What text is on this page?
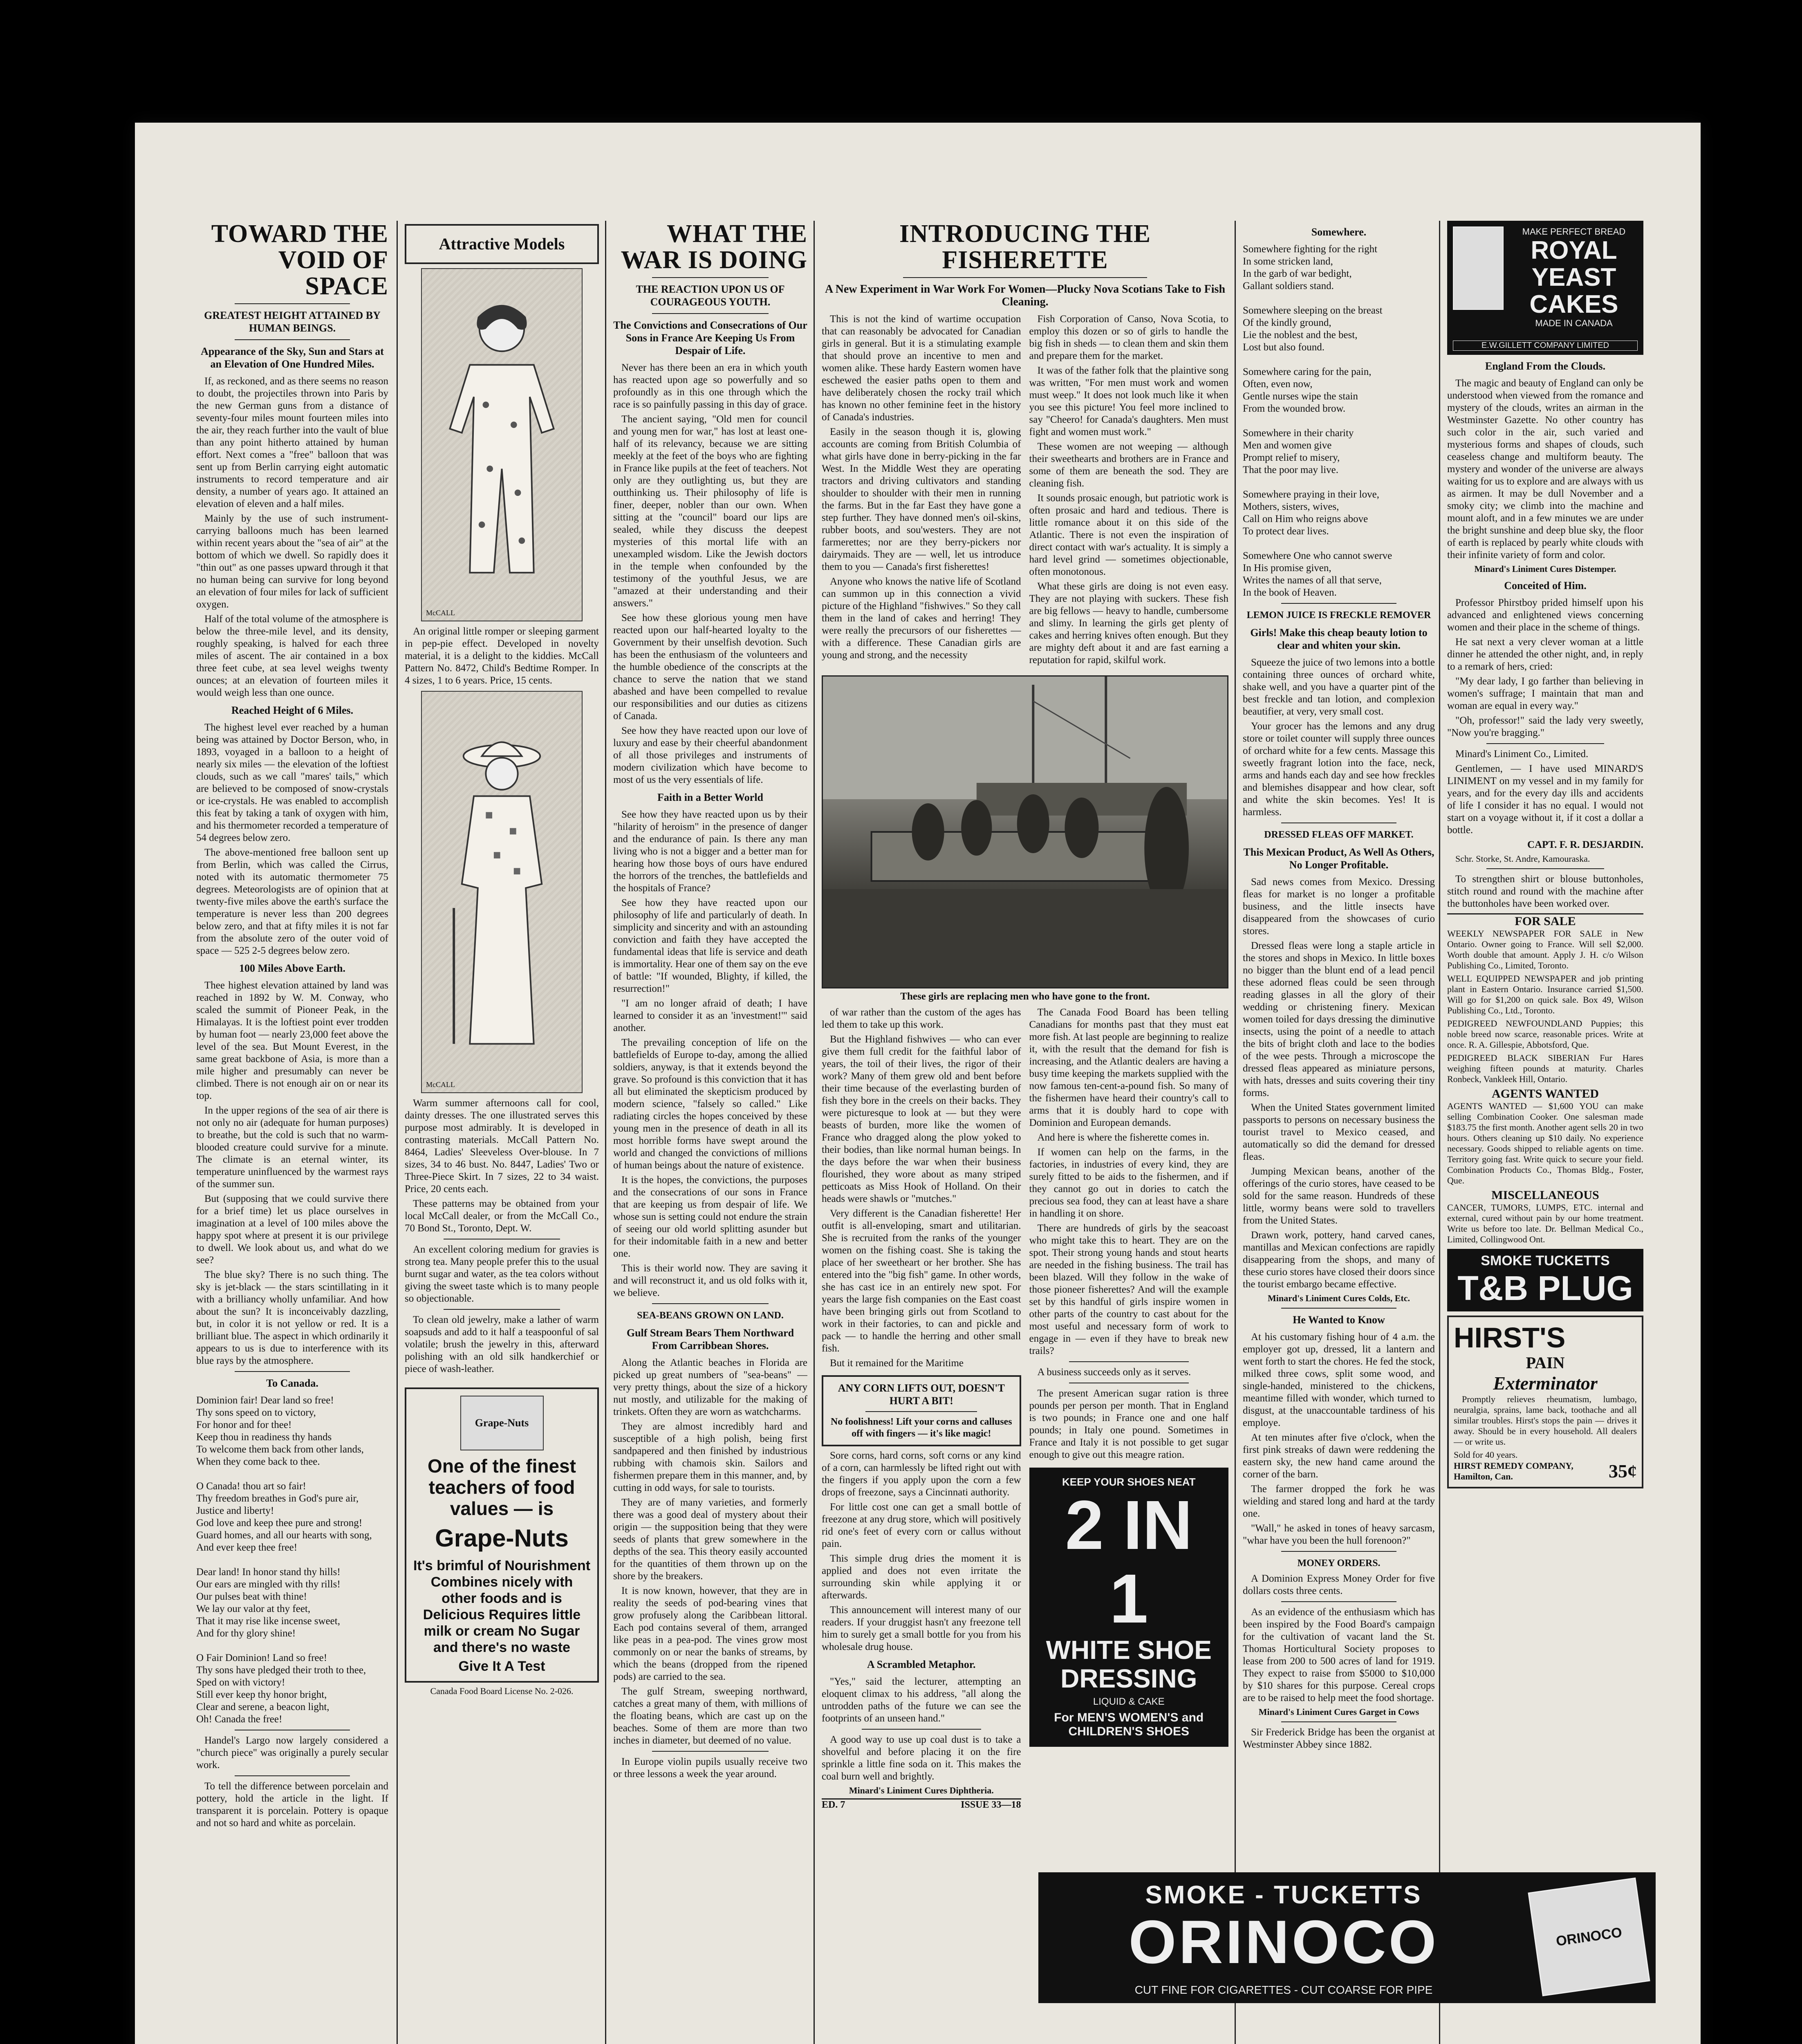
TOWARD THE VOID OF SPACE
GREATEST HEIGHT ATTAINED BY HUMAN BEINGS.
Appearance of the Sky, Sun and Stars at an Elevation of One Hundred Miles.

If, as reckoned, and as there seems no reason to doubt, the projectiles thrown into Paris by the new German guns from a distance of seventy-four miles mount fourteen miles into the air, they reach further into the vault of blue than any point hitherto attained by human effort. Next comes a "free" balloon that was sent up from Berlin carrying eight automatic instruments to record temperature and air density, a number of years ago. It attained an elevation of eleven and a half miles.

Mainly by the use of such instrument-carrying balloons much has been learned within recent years about the "sea of air" at the bottom of which we dwell. So rapidly does it "thin out" as one passes upward through it that no human being can survive for long beyond an elevation of four miles for lack of sufficient oxygen.

Half of the total volume of the atmosphere is below the three-mile level, and its density, roughly speaking, is halved for each three miles of ascent. The air contained in a box three feet cube, at sea level weighs twenty ounces; at an elevation of fourteen miles it would weigh less than one ounce.

Reached Height of 6 Miles.

The highest level ever reached by a human being was attained by Doctor Berson, who, in 1893, voyaged in a balloon to a height of nearly six miles — the elevation of the loftiest clouds, such as we call "mares' tails," which are believed to be composed of snow-crystals or ice-crystals. He was enabled to accomplish this feat by taking a tank of oxygen with him, and his thermometer recorded a temperature of 54 degrees below zero.

The above-mentioned free balloon sent up from Berlin, which was called the Cirrus, noted with its automatic thermometer 75 degrees. Meteorologists are of opinion that at twenty-five miles above the earth's surface the temperature is never less than 200 degrees below zero, and that at fifty miles it is not far from the absolute zero of the outer void of space — 525 2-5 degrees below zero.

100 Miles Above Earth.

Thee highest elevation attained by land was reached in 1892 by W. M. Conway, who scaled the summit of Pioneer Peak, in the Himalayas. It is the loftiest point ever trodden by human foot — nearly 23,000 feet above the level of the sea. But Mount Everest, in the same great backbone of Asia, is more than a mile higher and presumably can never be climbed. There is not enough air on or near its top.

In the upper regions of the sea of air there is not only no air (adequate for human purposes) to breathe, but the cold is such that no warm-blooded creature could survive for a minute. The climate is an eternal winter, its temperature uninfluenced by the warmest rays of the summer sun.

But (supposing that we could survive there for a brief time) let us place ourselves in imagination at a level of 100 miles above the happy spot where at present it is our privilege to dwell. We look about us, and what do we see?

The blue sky? There is no such thing. The sky is jet-black — the stars scintillating in it with a brilliancy wholly unfamiliar. And how about the sun? It is inconceivably dazzling, but, in color it is not yellow or red. It is a brilliant blue. The aspect in which ordinarily it appears to us is due to interference with its blue rays by the atmosphere.

To Canada.
Dominion fair! Dear land so free!
Thy sons speed on to victory,
For honor and for thee!
Keep thou in readiness thy hands
To welcome them back from other lands,
When they come back to thee.

O Canada! thou art so fair!
Thy freedom breathes in God's pure air,
Justice and liberty!
God love and keep thee pure and strong!
Guard homes, and all our hearts with song,
And ever keep thee free!

Dear land! In honor stand thy hills!
Our ears are mingled with thy rills!
Our pulses beat with thine!
We lay our valor at thy feet,
That it may rise like incense sweet,
And for thy glory shine!

O Fair Dominion! Land so free!
Thy sons have pledged their troth to thee,
Sped on with victory!
Still ever keep thy honor bright,
Clear and serene, a beacon light,
Oh! Canada the free!

Handel's Largo now largely considered a "church piece" was originally a purely secular work.

To tell the difference between porcelain and pottery, hold the article in the light. If transparent it is porcelain. Pottery is opaque and not so hard and white as porcelain.

Attractive Models
McCALL

An original little romper or sleeping garment in pep-pie effect. Developed in novelty material, it is a delight to the kiddies. McCall Pattern No. 8472, Child's Bedtime Romper. In 4 sizes, 1 to 6 years. Price, 15 cents.

McCALL

Warm summer afternoons call for cool, dainty dresses. The one illustrated serves this purpose most admirably. It is developed in contrasting materials. McCall Pattern No. 8464, Ladies' Sleeveless Over-blouse. In 7 sizes, 34 to 46 bust. No. 8447, Ladies' Two or Three-Piece Skirt. In 7 sizes, 22 to 34 waist. Price, 20 cents each.

These patterns may be obtained from your local McCall dealer, or from the McCall Co., 70 Bond St., Toronto, Dept. W.

An excellent coloring medium for gravies is strong tea. Many people prefer this to the usual burnt sugar and water, as the tea colors without giving the sweet taste which is to many people so objectionable.

To clean old jewelry, make a lather of warm soapsuds and add to it half a teaspoonful of sal volatile; brush the jewelry in this, afterward polishing with an old silk handkerchief or piece of wash-leather.

Grape-Nuts
One of the finest teachers of food values — is
Grape-Nuts
It's brimful of Nourishment Combines nicely with other foods and is Delicious Requires little milk or cream No Sugar and there's no waste
Give It A Test
Canada Food Board License No. 2-026.
WHAT THE WAR IS DOING
THE REACTION UPON US OF COURAGEOUS YOUTH.
The Convictions and Consecrations of Our Sons in France Are Keeping Us From Despair of Life.

Never has there been an era in which youth has reacted upon age so powerfully and so profoundly as in this one through which the race is so painfully passing in this day of grace.

The ancient saying, "Old men for council and young men for war," has lost at least one-half of its relevancy, because we are sitting meekly at the feet of the boys who are fighting in France like pupils at the feet of teachers. Not only are they outlighting us, but they are outthinking us. Their philosophy of life is finer, deeper, nobler than our own. When sitting at the "council" board our lips are sealed, while they discuss the deepest mysteries of this mortal life with an unexampled wisdom. Like the Jewish doctors in the temple when confounded by the testimony of the youthful Jesus, we are "amazed at their understanding and their answers."

See how these glorious young men have reacted upon our half-hearted loyalty to the Government by their unselfish devotion. Such has been the enthusiasm of the volunteers and the humble obedience of the conscripts at the chance to serve the nation that we stand abashed and have been compelled to revalue our responsibilities and our duties as citizens of Canada.

See how they have reacted upon our love of luxury and ease by their cheerful abandonment of all those privileges and instruments of modern civilization which have become to most of us the very essentials of life.

Faith in a Better World

See how they have reacted upon us by their "hilarity of heroism" in the presence of danger and the endurance of pain. Is there any man living who is not a bigger and a better man for hearing how those boys of ours have endured the horrors of the trenches, the battlefields and the hospitals of France?

See how they have reacted upon our philosophy of life and particularly of death. In simplicity and sincerity and with an astounding conviction and faith they have accepted the fundamental ideas that life is service and death is immortality. Hear one of them say on the eve of battle: "If wounded, Blighty, if killed, the resurrection!"

"I am no longer afraid of death; I have learned to consider it as an 'investment!'" said another.

The prevailing conception of life on the battlefields of Europe to-day, among the allied soldiers, anyway, is that it extends beyond the grave. So profound is this conviction that it has all but eliminated the skepticism produced by modern science, "falsely so called." Like radiating circles the hopes conceived by these young men in the presence of death in all its most horrible forms have swept around the world and changed the convictions of millions of human beings about the nature of existence.

It is the hopes, the convictions, the purposes and the consecrations of our sons in France that are keeping us from despair of life. We whose sun is setting could not endure the strain of seeing our old world splitting asunder but for their indomitable faith in a new and better one.

This is their world now. They are saving it and will reconstruct it, and us old folks with it, we believe.

SEA-BEANS GROWN ON LAND.
Gulf Stream Bears Them Northward From Carribbean Shores.

Along the Atlantic beaches in Florida are picked up great numbers of "sea-beans" — very pretty things, about the size of a hickory nut mostly, and utilizable for the making of trinkets. Often they are worn as watchcharms.

They are almost incredibly hard and susceptible of a high polish, being first sandpapered and then finished by industrious rubbing with chamois skin. Sailors and fishermen prepare them in this manner, and, by cutting in odd ways, for sale to tourists.

They are of many varieties, and formerly there was a good deal of mystery about their origin — the supposition being that they were seeds of plants that grew somewhere in the depths of the sea. This theory easily accounted for the quantities of them thrown up on the shore by the breakers.

It is now known, however, that they are in reality the seeds of pod-bearing vines that grow profusely along the Caribbean littoral. Each pod contains several of them, arranged like peas in a pea-pod. The vines grow most commonly on or near the banks of streams, by which the beans (dropped from the ripened pods) are carried to the sea.

The gulf Stream, sweeping northward, catches a great many of them, with millions of the floating beans, which are cast up on the beaches. Some of them are more than two inches in diameter, but deemed of no value.

In Europe violin pupils usually receive two or three lessons a week the year around.

INTRODUCING THE FISHERETTE
A New Experiment in War Work For Women—Plucky Nova Scotians Take to Fish Cleaning.

This is not the kind of wartime occupation that can reasonably be advocated for Canadian girls in general. But it is a stimulating example that should prove an incentive to men and women alike. These hardy Eastern women have eschewed the easier paths open to them and have deliberately chosen the rocky trail which has known no other feminine feet in the history of Canada's industries.

Easily in the season though it is, glowing accounts are coming from British Columbia of what girls have done in berry-picking in the far West. In the Middle West they are operating tractors and driving cultivators and standing shoulder to shoulder with their men in running the farms. But in the far East they have gone a step further. They have donned men's oil-skins, rubber boots, and sou'westers. They are not farmerettes; nor are they berry-pickers nor dairymaids. They are — well, let us introduce them to you — Canada's first fisherettes!

Anyone who knows the native life of Scotland can summon up in this connection a vivid picture of the Highland "fishwives." So they call them in the land of cakes and herring! They were really the precursors of our fisherettes — with a difference. These Canadian girls are young and strong, and the necessity

Fish Corporation of Canso, Nova Scotia, to employ this dozen or so of girls to handle the big fish in sheds — to clean them and skin them and prepare them for the market.

It was of the father folk that the plaintive song was written, "For men must work and women must weep." It does not look much like it when you see this picture! You feel more inclined to say "Cheero! for Canada's daughters. Men must fight and women must work."

These women are not weeping — although their sweethearts and brothers are in France and some of them are beneath the sod. They are cleaning fish.

It sounds prosaic enough, but patriotic work is often prosaic and hard and tedious. There is little romance about it on this side of the Atlantic. There is not even the inspiration of direct contact with war's actuality. It is simply a hard level grind — sometimes objectionable, often monotonous.

What these girls are doing is not even easy. They are not playing with suckers. These fish are big fellows — heavy to handle, cumbersome and slimy. In learning the girls get plenty of cakes and herring knives often enough. But they are mighty deft about it and are fast earning a reputation for rapid, skilful work.

These girls are replacing men who have gone to the front.

of war rather than the custom of the ages has led them to take up this work.

But the Highland fishwives — who can ever give them full credit for the faithful labor of years, the toil of their lives, the rigor of their work? Many of them grew old and bent before their time because of the everlasting burden of fish they bore in the creels on their backs. They were picturesque to look at — but they were beasts of burden, more like the women of France who dragged along the plow yoked to their bodies, than like normal human beings. In the days before the war when their business flourished, they wore about as many striped petticoats as Miss Hook of Holland. On their heads were shawls or "mutches."

Very different is the Canadian fisherette! Her outfit is all-enveloping, smart and utilitarian. She is recruited from the ranks of the younger women on the fishing coast. She is taking the place of her sweetheart or her brother. She has entered into the "big fish" game. In other words, she has cast ice in an entirely new spot. For years the large fish companies on the East coast have been bringing girls out from Scotland to work in their factories, to can and pickle and pack — to handle the herring and other small fish.

But it remained for the Maritime

ANY CORN LIFTS OUT, DOESN'T HURT A BIT!
No foolishness! Lift your corns and calluses off with fingers — it's like magic!

Sore corns, hard corns, soft corns or any kind of a corn, can harmlessly be lifted right out with the fingers if you apply upon the corn a few drops of freezone, says a Cincinnati authority.

For little cost one can get a small bottle of freezone at any drug store, which will positively rid one's feet of every corn or callus without pain.

This simple drug dries the moment it is applied and does not even irritate the surrounding skin while applying it or afterwards.

This announcement will interest many of our readers. If your druggist hasn't any freezone tell him to surely get a small bottle for you from his wholesale drug house.

A Scrambled Metaphor.

"Yes," said the lecturer, attempting an eloquent climax to his address, "all along the untrodden paths of the future we can see the footprints of an unseen hand."

A good way to use up coal dust is to take a shovelful and before placing it on the fire sprinkle a little fine soda on it. This makes the coal burn well and brightly.

Minard's Liniment Cures Diphtheria.
ED. 7	ISSUE 33—18

The Canada Food Board has been telling Canadians for months past that they must eat more fish. At last people are beginning to realize it, with the result that the demand for fish is increasing, and the Atlantic dealers are having a busy time keeping the markets supplied with the now famous ten-cent-a-pound fish. So many of the fishermen have heard their country's call to arms that it is doubly hard to cope with Dominion and European demands.

And here is where the fisherette comes in.

If women can help on the farms, in the factories, in industries of every kind, they are surely fitted to be aids to the fishermen, and if they cannot go out in dories to catch the precious sea food, they can at least have a share in handling it on shore.

There are hundreds of girls by the seacoast who might take this to heart. They are on the spot. Their strong young hands and stout hearts are needed in the fishing business. The trail has been blazed. Will they follow in the wake of those pioneer fisherettes? And will the example set by this handful of girls inspire women in other parts of the country to cast about for the most useful and necessary form of work to engage in — even if they have to break new trails?

A business succeeds only as it serves.

The present American sugar ration is three pounds per person per month. That in England is two pounds; in France one and one half pounds; in Italy one pound. Sometimes in France and Italy it is not possible to get sugar enough to give out this meagre ration.

KEEP YOUR SHOES NEAT
2 IN 1
WHITE SHOE DRESSING
LIQUID & CAKE
For MEN'S WOMEN'S and CHILDREN'S SHOES
Somewhere.
Somewhere fighting for the right
In some stricken land,
In the garb of war bedight,
Gallant soldiers stand.

Somewhere sleeping on the breast
Of the kindly ground,
Lie the noblest and the best,
Lost but also found.

Somewhere caring for the pain,
Often, even now,
Gentle nurses wipe the stain
From the wounded brow.

Somewhere in their charity
Men and women give
Prompt relief to misery,
That the poor may live.

Somewhere praying in their love,
Mothers, sisters, wives,
Call on Him who reigns above
To protect dear lives.

Somewhere One who cannot swerve
In His promise given,
Writes the names of all that serve,
In the book of Heaven.
LEMON JUICE IS FRECKLE REMOVER
Girls! Make this cheap beauty lotion to clear and whiten your skin.

Squeeze the juice of two lemons into a bottle containing three ounces of orchard white, shake well, and you have a quarter pint of the best freckle and tan lotion, and complexion beautifier, at very, very small cost.

Your grocer has the lemons and any drug store or toilet counter will supply three ounces of orchard white for a few cents. Massage this sweetly fragrant lotion into the face, neck, arms and hands each day and see how freckles and blemishes disappear and how clear, soft and white the skin becomes. Yes! It is harmless.

DRESSED FLEAS OFF MARKET.
This Mexican Product, As Well As Others, No Longer Profitable.

Sad news comes from Mexico. Dressing fleas for market is no longer a profitable business, and the little insects have disappeared from the showcases of curio stores.

Dressed fleas were long a staple article in the stores and shops in Mexico. In little boxes no bigger than the blunt end of a lead pencil these adorned fleas could be seen through reading glasses in all the glory of their wedding or christening finery. Mexican women toiled for days dressing the diminutive insects, using the point of a needle to attach the bits of bright cloth and lace to the bodies of the wee pests. Through a microscope the dressed fleas appeared as miniature persons, with hats, dresses and suits covering their tiny forms.

When the United States government limited passports to persons on necessary business the tourist travel to Mexico ceased, and automatically so did the demand for dressed fleas.

Jumping Mexican beans, another of the offerings of the curio stores, have ceased to be sold for the same reason. Hundreds of these little, wormy beans were sold to travellers from the United States.

Drawn work, pottery, hand carved canes, mantillas and Mexican confections are rapidly disappearing from the shops, and many of these curio stores have closed their doors since the tourist embargo became effective.

Minard's Liniment Cures Colds, Etc.
He Wanted to Know

At his customary fishing hour of 4 a.m. the employer got up, dressed, lit a lantern and went forth to start the chores. He fed the stock, milked three cows, split some wood, and single-handed, ministered to the chickens, meantime filled with wonder, which turned to disgust, at the unaccountable tardiness of his employe.

At ten minutes after five o'clock, when the first pink streaks of dawn were reddening the eastern sky, the new hand came around the corner of the barn.

The farmer dropped the fork he was wielding and stared long and hard at the tardy one.

"Wall," he asked in tones of heavy sarcasm, "whar have you been the hull forenoon?"

MONEY ORDERS.

A Dominion Express Money Order for five dollars costs three cents.

As an evidence of the enthusiasm which has been inspired by the Food Board's campaign for the cultivation of vacant land the St. Thomas Horticultural Society proposes to lease from 200 to 500 acres of land for 1919. They expect to raise from $5000 to $10,000 by $10 shares for this purpose. Cereal crops are to be raised to help meet the food shortage.

Minard's Liniment Cures Garget in Cows

Sir Frederick Bridge has been the organist at Westminster Abbey since 1882.

MAKE PERFECT BREAD
ROYAL YEAST CAKES
MADE IN CANADA
E.W.GILLETT COMPANY LIMITED
England From the Clouds.

The magic and beauty of England can only be understood when viewed from the romance and mystery of the clouds, writes an airman in the Westminster Gazette. No other country has such color in the air, such varied and mysterious forms and shapes of clouds, such ceaseless change and multiform beauty. The mystery and wonder of the universe are always waiting for us to explore and are always with us as airmen. It may be dull November and a smoky city; we climb into the machine and mount aloft, and in a few minutes we are under the bright sunshine and deep blue sky, the floor of earth is replaced by pearly white clouds with their infinite variety of form and color.

Minard's Liniment Cures Distemper.
Conceited of Him.

Professor Phirstboy prided himself upon his advanced and enlightened views concerning women and their place in the scheme of things.

He sat next a very clever woman at a little dinner he attended the other night, and, in reply to a remark of hers, cried:

"My dear lady, I go farther than believing in women's suffrage; I maintain that man and woman are equal in every way."

"Oh, professor!" said the lady very sweetly, "Now you're bragging."

Minard's Liniment Co., Limited.

Gentlemen, — I have used MINARD'S LINIMENT on my vessel and in my family for years, and for the every day ills and accidents of life I consider it has no equal. I would not start on a voyage without it, if it cost a dollar a bottle.

CAPT. F. R. DESJARDIN.

Schr. Storke, St. Andre, Kamouraska.

To strengthen shirt or blouse buttonholes, stitch round and round with the machine after the buttonholes have been worked over.

FOR SALE

WEEKLY NEWSPAPER FOR SALE in New Ontario. Owner going to France. Will sell $2,000. Worth double that amount. Apply J. H. c/o Wilson Publishing Co., Limited, Toronto.

WELL EQUIPPED NEWSPAPER and job printing plant in Eastern Ontario. Insurance carried $1,500. Will go for $1,200 on quick sale. Box 49, Wilson Publishing Co., Ltd., Toronto.

PEDIGREED NEWFOUNDLAND Puppies; this noble breed now scarce, reasonable prices. Write at once. R. A. Gillespie, Abbotsford, Que.

PEDIGREED BLACK SIBERIAN Fur Hares weighing fifteen pounds at maturity. Charles Ronbeck, Vankleek Hill, Ontario.

AGENTS WANTED

AGENTS WANTED — $1,600 YOU can make selling Combination Cooker. One salesman made $183.75 the first month. Another agent sells 20 in two hours. Others cleaning up $10 daily. No experience necessary. Goods shipped to reliable agents on time. Territory going fast. Write quick to secure your field. Combination Products Co., Thomas Bldg., Foster, Que.

MISCELLANEOUS

CANCER, TUMORS, LUMPS, ETC. internal and external, cured without pain by our home treatment. Write us before too late. Dr. Bellman Medical Co., Limited, Collingwood Ont.

SMOKE TUCKETTS
T&B PLUG
HIRST'S
PAIN
Exterminator

Promptly relieves rheumatism, lumbago, neuralgia, sprains, lame back, toothache and all similar troubles. Hirst's stops the pain — drives it away. Should be in every household. All dealers — or write us.

Sold for 40 years.
HIRST REMEDY COMPANY, Hamilton, Can.	35¢
SMOKE - TUCKETTS
ORINOCO
CUT FINE FOR CIGARETTES - CUT COARSE FOR PIPE
ORINOCO
